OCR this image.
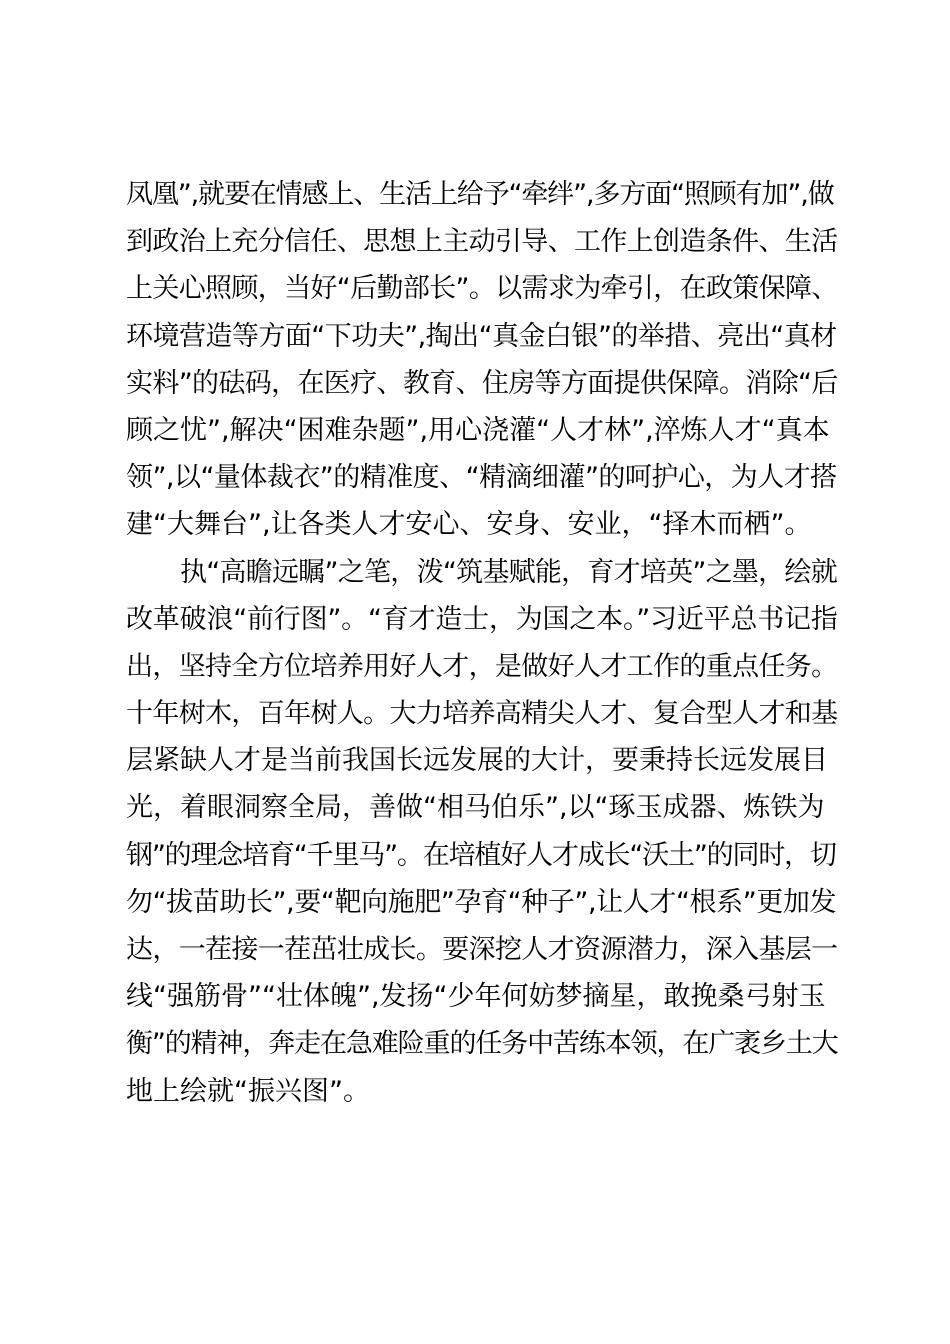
凤凰”,就要在情感上、生活上给予“牵绊”,多方面“照顾有加”,做
到政治上充分信任、思想上主动引导、工作上创造条件、生活
上关心照顾，当好“后勤部长”。以需求为牵引，在政策保障、
环境营造等方面“下功夫”,掏出“真金白银”的举措、亮出“真材
实料”的砝码，在医疗、教育、住房等方面提供保障。消除“后
顾之忧”,解决“困难杂题”,用心浇灌“人才林”,淬炼人才“真本
领”,以“量体裁衣”的精准度、“精滴细灌”的呵护心，为人才搭
建“大舞台”,让各类人才安心、安身、安业，“择木而栖”。
执“高瞻远瞩”之笔，泼“筑基赋能，育才培英”之墨，绘就
改革破浪“前行图”。“育才造士，为国之本。”习近平总书记指
出，坚持全方位培养用好人才，是做好人才工作的重点任务。
十年树木，百年树人。大力培养高精尖人才、复合型人才和基
层紧缺人才是当前我国长远发展的大计，要秉持长远发展目
光，着眼洞察全局，善做“相马伯乐”,以“琢玉成器、炼铁为
钢”的理念培育“千里马”。在培植好人才成长“沃土”的同时，切
勿“拔苗助长”,要“靶向施肥”孕育“种子”,让人才“根系”更加发
达，一茬接一茬茁壮成长。要深挖人才资源潜力，深入基层一
线“强筋骨”“壮体魄”,发扬“少年何妨梦摘星，敢挽桑弓射玉
衡”的精神，奔走在急难险重的任务中苦练本领，在广袤乡土大
地上绘就“振兴图”。
